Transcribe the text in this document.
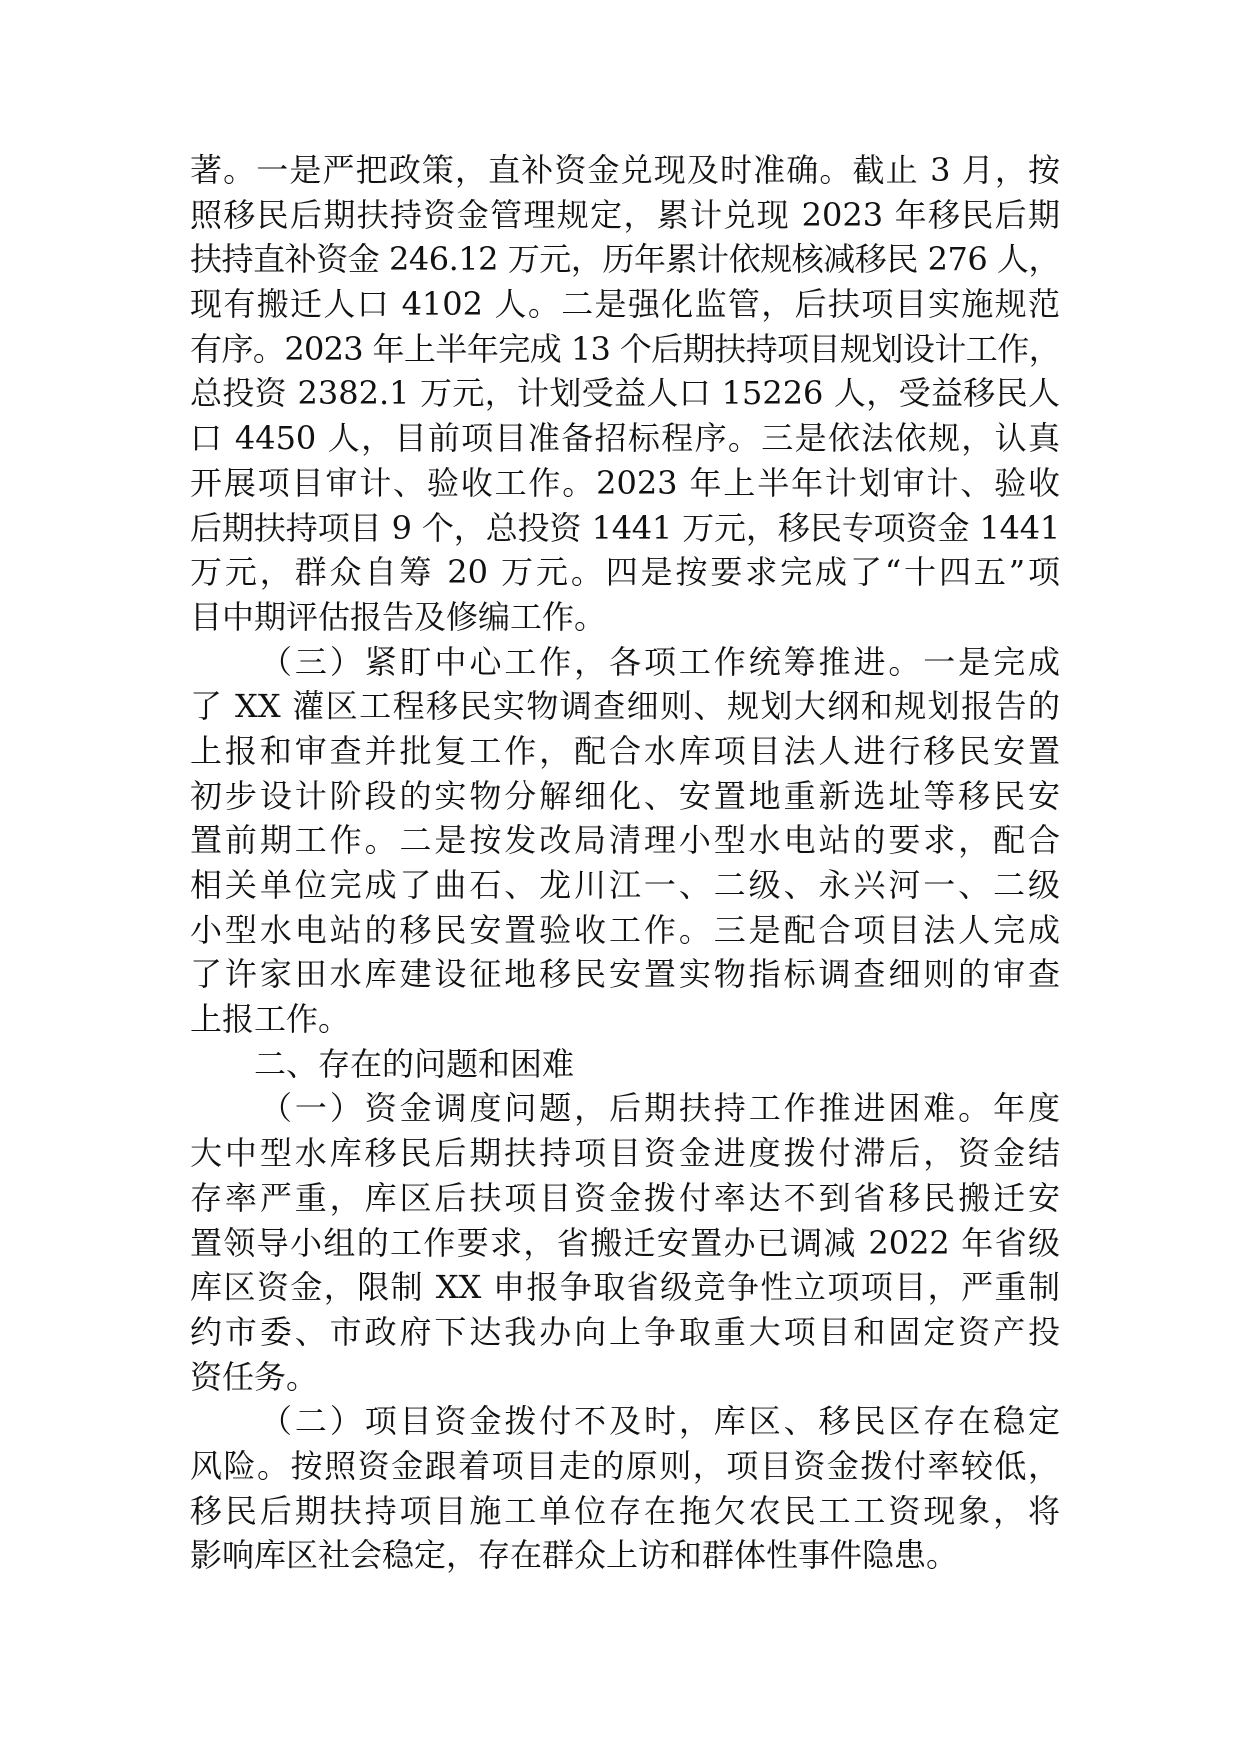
著。一是严把政策，直补资金兑现及时准确。截止 3 月，按
照移民后期扶持资金管理规定，累计兑现 2023 年移民后期
扶持直补资金 246.12 万元，历年累计依规核减移民 276 人，
现有搬迁人口 4102 人。二是强化监管，后扶项目实施规范
有序。2023 年上半年完成 13 个后期扶持项目规划设计工作，
总投资 2382.1 万元，计划受益人口 15226 人，受益移民人
口 4450 人，目前项目准备招标程序。三是依法依规，认真
开展项目审计、验收工作。2023 年上半年计划审计、验收
后期扶持项目 9 个，总投资 1441 万元，移民专项资金 1441
万元，群众自筹 20 万元。四是按要求完成了“十四五”项
目中期评估报告及修编工作。
（三）紧盯中心工作，各项工作统筹推进。一是完成
了 XX 灌区工程移民实物调查细则、规划大纲和规划报告的
上报和审查并批复工作，配合水库项目法人进行移民安置
初步设计阶段的实物分解细化、安置地重新选址等移民安
置前期工作。二是按发改局清理小型水电站的要求，配合
相关单位完成了曲石、龙川江一、二级、永兴河一、二级
小型水电站的移民安置验收工作。三是配合项目法人完成
了许家田水库建设征地移民安置实物指标调查细则的审查
上报工作。
二、存在的问题和困难
（一）资金调度问题，后期扶持工作推进困难。年度
大中型水库移民后期扶持项目资金进度拨付滞后，资金结
存率严重，库区后扶项目资金拨付率达不到省移民搬迁安
置领导小组的工作要求，省搬迁安置办已调减 2022 年省级
库区资金，限制 XX 申报争取省级竞争性立项项目，严重制
约市委、市政府下达我办向上争取重大项目和固定资产投
资任务。
（二）项目资金拨付不及时，库区、移民区存在稳定
风险。按照资金跟着项目走的原则，项目资金拨付率较低，
移民后期扶持项目施工单位存在拖欠农民工工资现象，将
影响库区社会稳定，存在群众上访和群体性事件隐患。
